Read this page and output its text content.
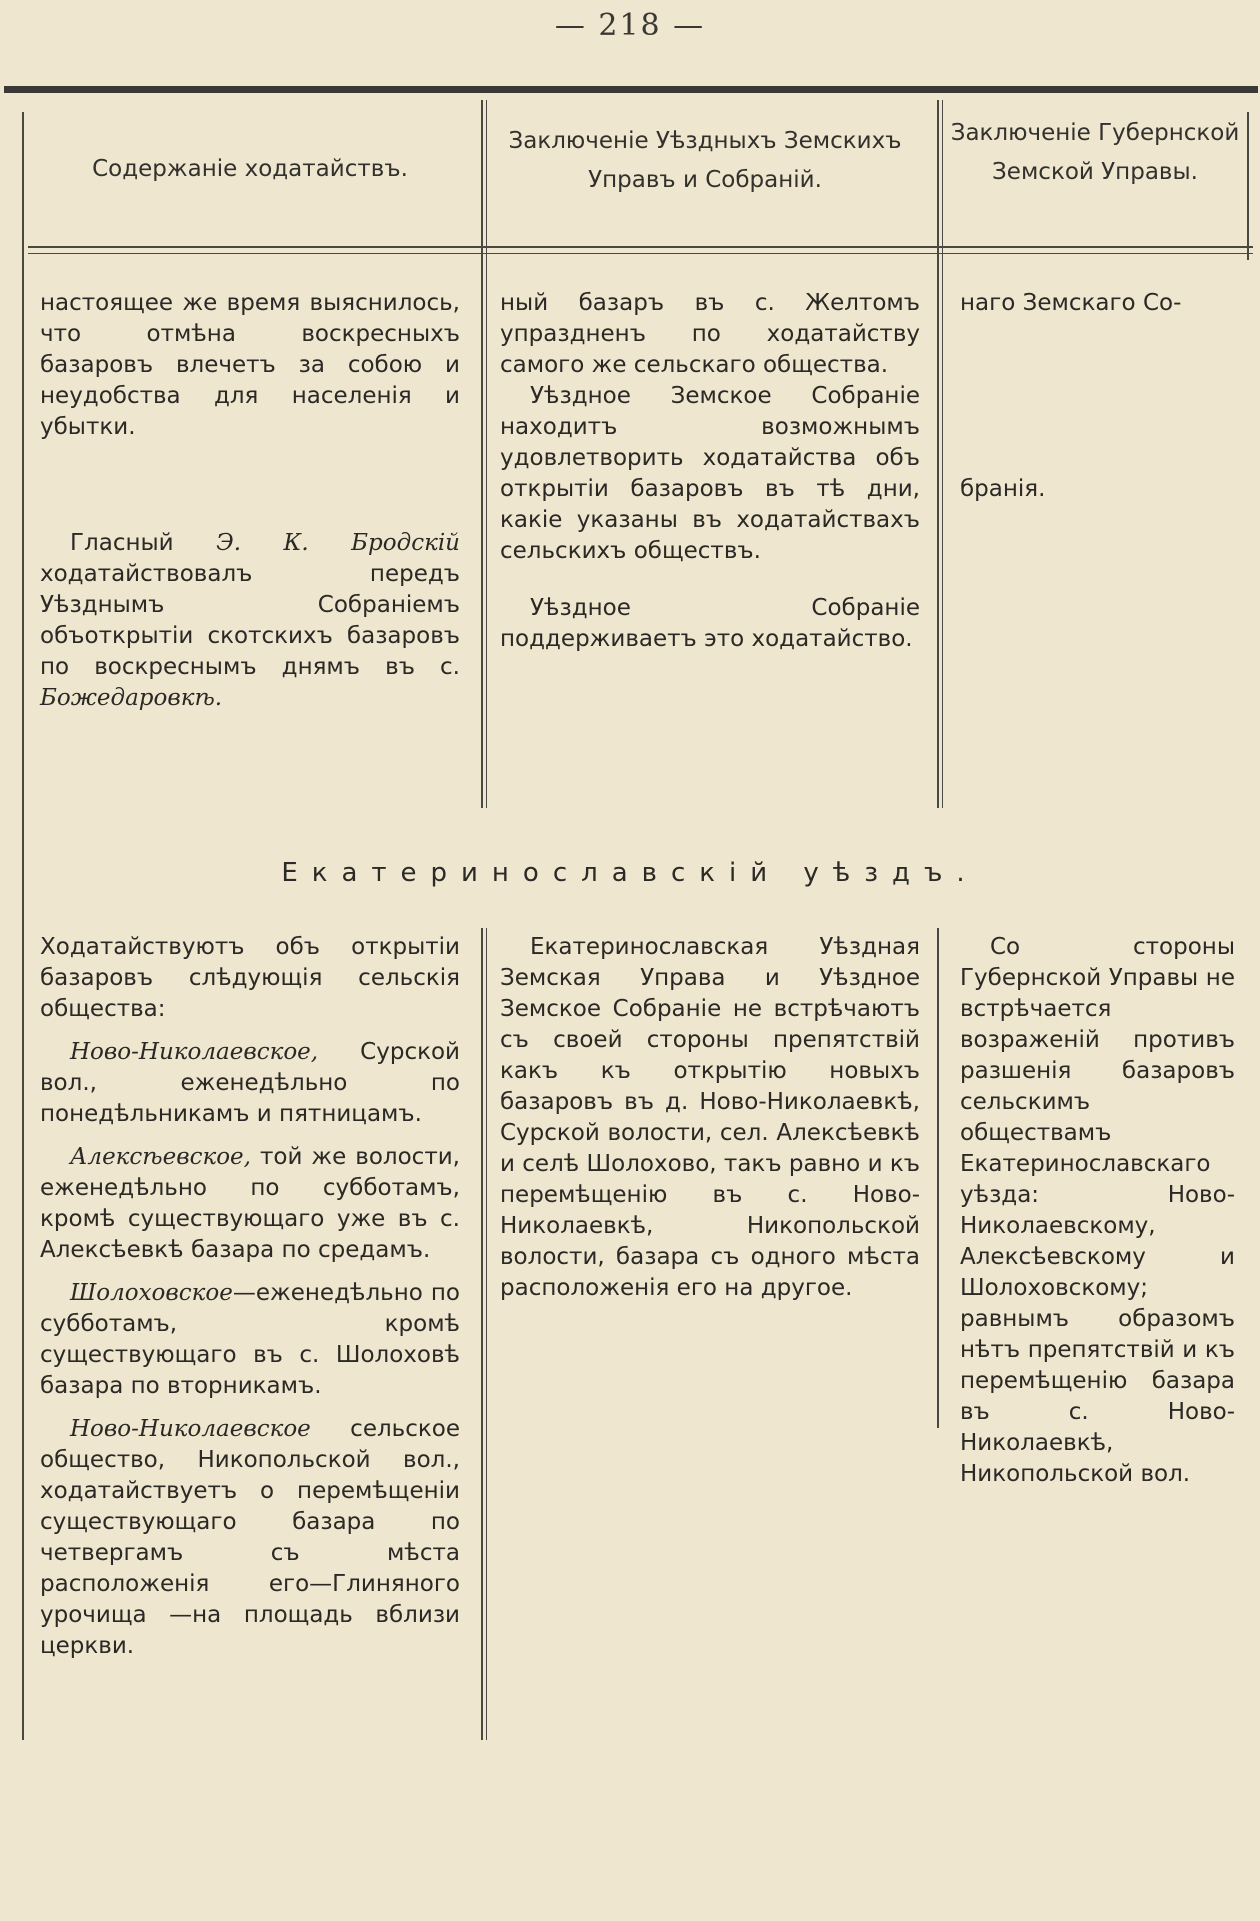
— 218 —
Содержаніе ходатайствъ.
Заключеніе Уѣздныхъ Земскихъ Управъ и Собраній.
Заключеніе Губернской Земской Управы.

настоящее же время выяснилось, что отмѣна воскресныхъ базаровъ влечетъ за собою и неудобства для населенія и убытки.

Гласный Э. К. Бродскій ходатайствовалъ передъ Уѣзднымъ Собраніемъ объоткрытіи скотскихъ базаровъ по воскреснымъ днямъ въ с. Божедаровкѣ.

ный базаръ въ с. Желтомъ упраздненъ по ходатайству самого же сельскаго общества.

Уѣздное Земское Собраніе находитъ возможнымъ удовлетворить ходатайства объ открытіи базаровъ въ тѣ дни, какіе указаны въ ходатайствахъ сельскихъ обществъ.

Уѣздное Собраніе поддерживаетъ это ходатайство.

наго Земскаго Со-

бранія.

Екатеринославскій уѣздъ.

Ходатайствуютъ объ открытіи базаровъ слѣдующія сельскія общества:

Ново-Николаевское, Сурской вол., еженедѣльно по понедѣльникамъ и пятницамъ.

Алексѣевское, той же волости, еженедѣльно по субботамъ, кромѣ существующаго уже въ с. Алексѣевкѣ базара по средамъ.

Шолоховское—еженедѣльно по субботамъ, кромѣ существующаго въ с. Шолоховѣ базара по вторникамъ.

Ново-Николаевское сельское общество, Никопольской вол., ходатайствуетъ о перемѣщеніи существующаго базара по четвергамъ съ мѣста расположенія его—Глиняного урочища —на площадь вблизи церкви.

Екатеринославская Уѣздная Земская Управа и Уѣздное Земское Собраніе не встрѣчаютъ съ своей стороны препятствій какъ къ открытію новыхъ базаровъ въ д. Ново-Николаевкѣ, Сурской волости, сел. Алексѣевкѣ и селѣ Шолохово, такъ равно и къ перемѣщенію въ с. Ново-Николаевкѣ, Никопольской волости, базара съ одного мѣста расположенія его на другое.

Со стороны Губернской Управы не встрѣчается возраженій противъ разшенія базаровъ сельскимъ обществамъ Екатеринославскаго уѣзда: Ново-Николаевскому, Алексѣевскому и Шолоховскому; равнымъ образомъ нѣтъ препятствій и къ перемѣщенію базара въ с. Ново-Николаевкѣ, Никопольской вол.
